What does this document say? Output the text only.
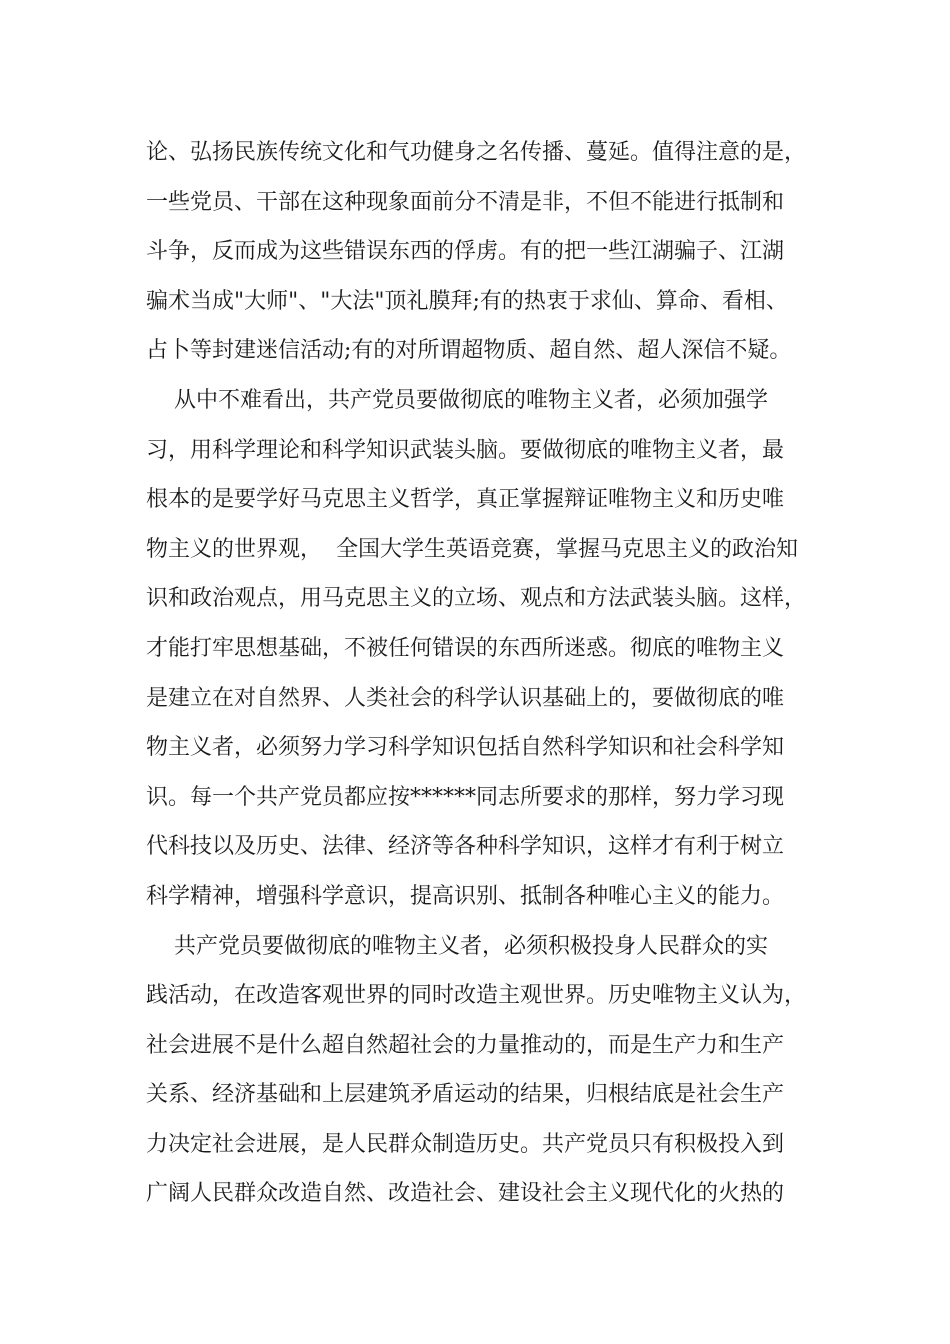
论、弘扬民族传统文化和气功健身之名传播、蔓延。值得注意的是，
一些党员、干部在这种现象面前分不清是非，不但不能进行抵制和
斗争，反而成为这些错误东西的俘虏。有的把一些江湖骗子、江湖
骗术当成"大师"、"大法"顶礼膜拜;有的热衷于求仙、算命、看相、
占卜等封建迷信活动;有的对所谓超物质、超自然、超人深信不疑。
从中不难看出，共产党员要做彻底的唯物主义者，必须加强学
习，用科学理论和科学知识武装头脑。要做彻底的唯物主义者，最
根本的是要学好马克思主义哲学，真正掌握辩证唯物主义和历史唯
物主义的世界观，  全国大学生英语竞赛，掌握马克思主义的政治知
识和政治观点，用马克思主义的立场、观点和方法武装头脑。这样，
才能打牢思想基础，不被任何错误的东西所迷惑。彻底的唯物主义
是建立在对自然界、人类社会的科学认识基础上的，要做彻底的唯
物主义者，必须努力学习科学知识包括自然科学知识和社会科学知
识。每一个共产党员都应按******同志所要求的那样，努力学习现
代科技以及历史、法律、经济等各种科学知识，这样才有利于树立
科学精神，增强科学意识，提高识别、抵制各种唯心主义的能力。
共产党员要做彻底的唯物主义者，必须积极投身人民群众的实
践活动，在改造客观世界的同时改造主观世界。历史唯物主义认为，
社会进展不是什么超自然超社会的力量推动的，而是生产力和生产
关系、经济基础和上层建筑矛盾运动的结果，归根结底是社会生产
力决定社会进展，是人民群众制造历史。共产党员只有积极投入到
广阔人民群众改造自然、改造社会、建设社会主义现代化的火热的
